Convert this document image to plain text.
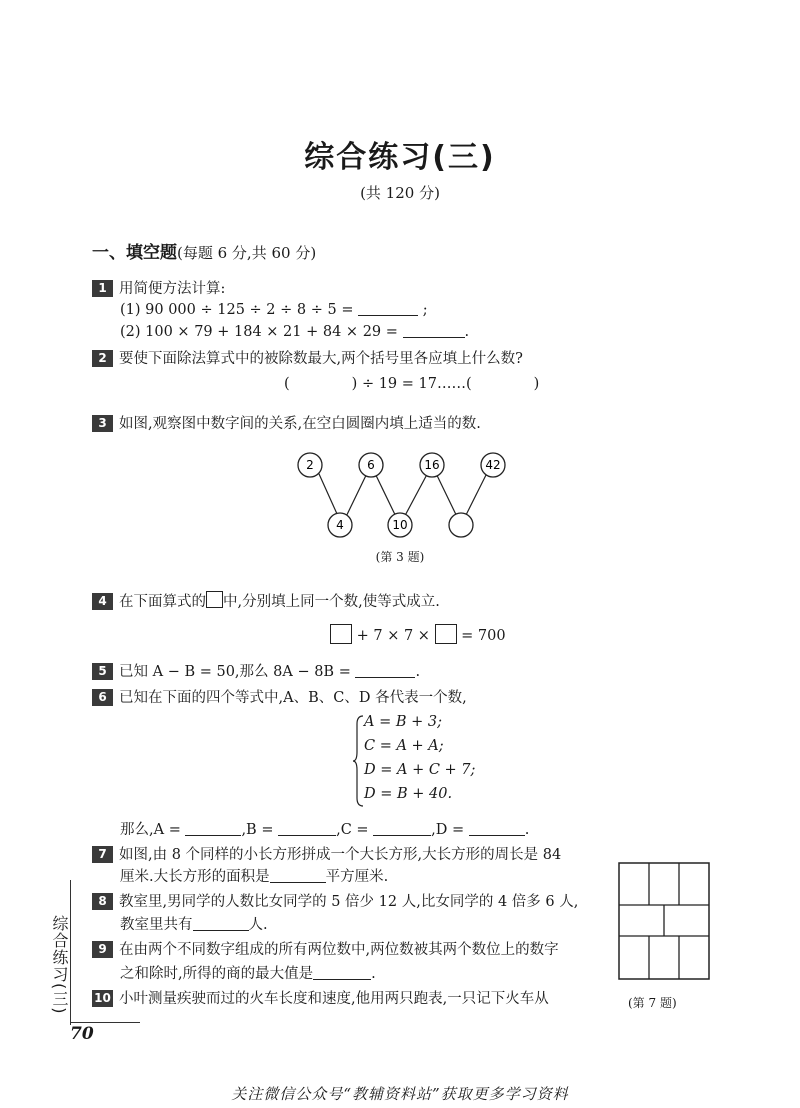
综合练习(三)
(共 120 分)
一、填空题(每题 6 分,共 60 分)
1 用简便方法计算:
(1) 90 000 ÷ 125 ÷ 2 ÷ 8 ÷ 5 =	;
(2) 100 × 79 + 184 × 21 + 84 × 29 =	.
2 要使下面除法算式中的被除数最大,两个括号里各应填上什么数?
(	) ÷ 19 = 17……(	)
3 如图,观察图中数字间的关系,在空白圆圈内填上适当的数.
2	6	16	42
4	10
(第 3 题)
4 在下面算式的 中,分别填上同一个数,使等式成立.
+ 7 × 7 × = 700
5 已知 A − B = 50,那么 8A − 8B =	.
6 已知在下面的四个等式中,A、B、C、D 各代表一个数,
A = B + 3;
C = A + A;
D = A + C + 7;
D = B + 40.
那么,A =	,B =	,C =	,D =	.
7 如图,由 8 个同样的小长方形拼成一个大长方形,大长方形的周长是 84
厘米.大长方形的面积是	平方厘米.
(第 7 题)
8 教室里,男同学的人数比女同学的 5 倍少 12 人,比女同学的 4 倍多 6 人,
教室里共有	人.
9 在由两个不同数字组成的所有两位数中,两位数被其两个数位上的数字
之和除时,所得的商的最大值是	.
10 小叶测量疾驶而过的火车长度和速度,他用两只跑表,一只记下火车从
综合练习(三)
70
关注微信公众号“教辅资料站”获取更多学习资料
